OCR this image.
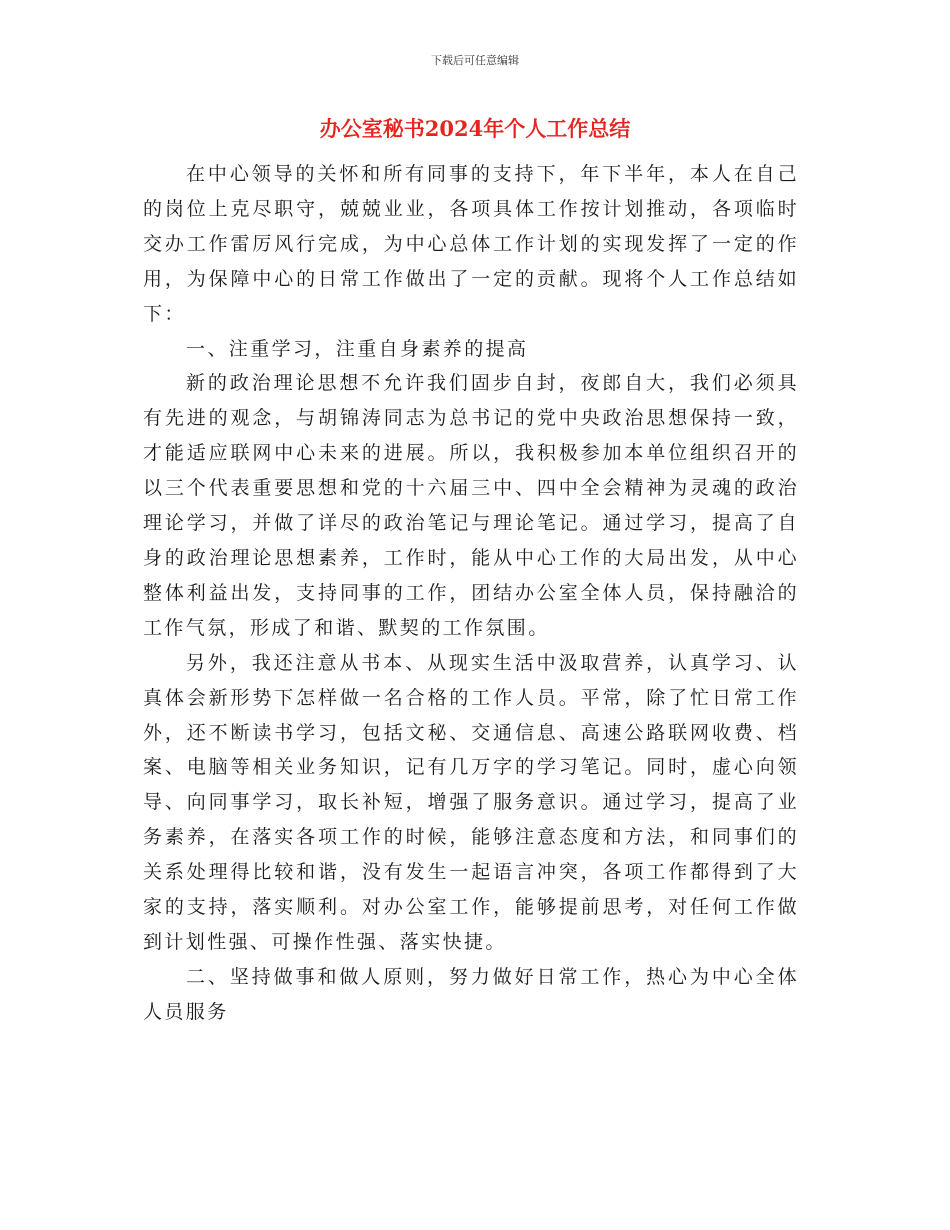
下载后可任意编辑
办公室秘书2024年个人工作总结

在中心领导的关怀和所有同事的支持下，年下半年，本人在自己的岗位上克尽职守，兢兢业业，各项具体工作按计划推动，各项临时交办工作雷厉风行完成，为中心总体工作计划的实现发挥了一定的作用，为保障中心的日常工作做出了一定的贡献。现将个人工作总结如下：

一、注重学习，注重自身素养的提高

新的政治理论思想不允许我们固步自封，夜郎自大，我们必须具有先进的观念，与胡锦涛同志为总书记的党中央政治思想保持一致，才能适应联网中心未来的进展。所以，我积极参加本单位组织召开的以三个代表重要思想和党的十六届三中、四中全会精神为灵魂的政治理论学习，并做了详尽的政治笔记与理论笔记。通过学习，提高了自身的政治理论思想素养，工作时，能从中心工作的大局出发，从中心整体利益出发，支持同事的工作，团结办公室全体人员，保持融洽的工作气氛，形成了和谐、默契的工作氛围。

另外，我还注意从书本、从现实生活中汲取营养，认真学习、认真体会新形势下怎样做一名合格的工作人员。平常，除了忙日常工作外，还不断读书学习，包括文秘、交通信息、高速公路联网收费、档案、电脑等相关业务知识，记有几万字的学习笔记。同时，虚心向领导、向同事学习，取长补短，增强了服务意识。通过学习，提高了业务素养，在落实各项工作的时候，能够注意态度和方法，和同事们的关系处理得比较和谐，没有发生一起语言冲突，各项工作都得到了大家的支持，落实顺利。对办公室工作，能够提前思考，对任何工作做到计划性强、可操作性强、落实快捷。

二、坚持做事和做人原则，努力做好日常工作，热心为中心全体人员服务
